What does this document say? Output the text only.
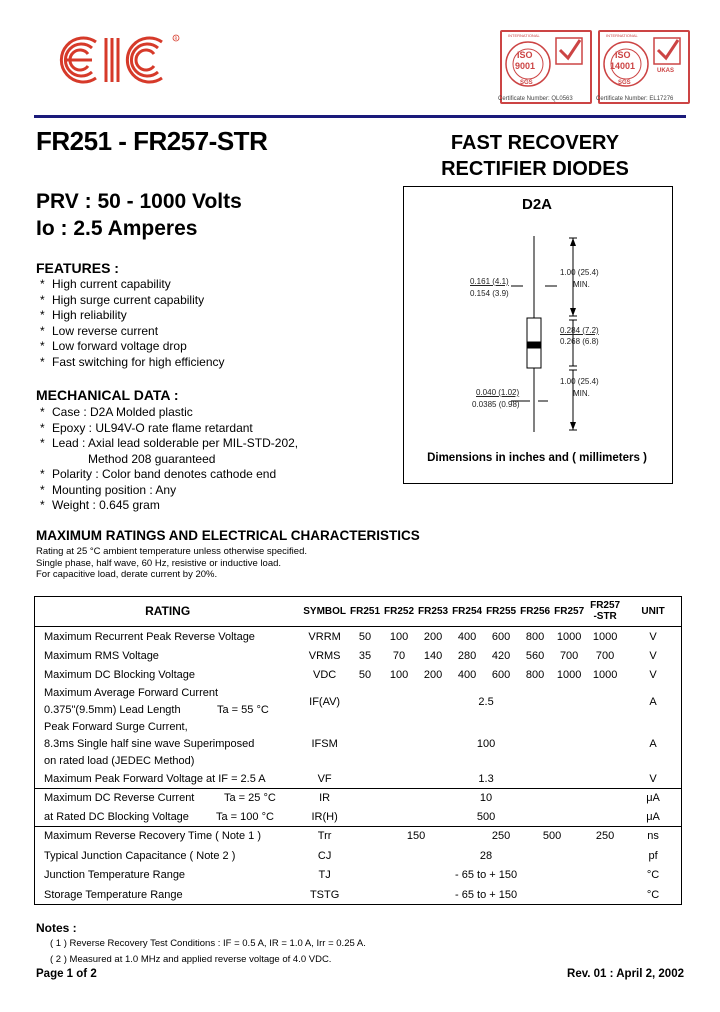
R
ISO
9001
SGS
INTERNATIONAL
Certificate Number: QL0563
ISO
14001
SGS
UKAS
INTERNATIONAL
Certificate Number: EL17276
FR251 - FR257-STR	FAST RECOVERY
RECTIFIER DIODES
PRV : 50 - 1000 Volts
Io : 2.5 Amperes
FEATURES :
* High current capability
* High surge current capability
* High reliability
* Low reverse current
* Low forward voltage drop
* Fast switching for high efficiency
MECHANICAL DATA :
* Case : D2A Molded plastic
* Epoxy : UL94V-O rate flame retardant
* Lead : Axial lead solderable per MIL-STD-202,
Method 208 guaranteed
* Polarity : Color band denotes cathode end
* Mounting position : Any
* Weight : 0.645 gram
D2A
1.00 (25.4)
MIN.
0.161 (4.1)
0.154 (3.9)
0.284 (7.2)
0.268 (6.8)
0.040 (1.02)
0.0385 (0.98)
1.00 (25.4)
MIN.
Dimensions in inches and ( millimeters )
MAXIMUM RATINGS AND ELECTRICAL CHARACTERISTICS
Rating at 25 °C ambient temperature unless otherwise specified.
Single phase, half wave, 60 Hz, resistive or inductive load.
For capacitive load, derate current by 20%.
RATING	SYMBOL	FR251	FR252	FR253	FR254	FR255	FR256	FR257	FR257 -STR	UNIT
Maximum Recurrent Peak Reverse Voltage	VRRM	50	100	200	400	600	800	1000	1000	V
Maximum RMS Voltage	VRMS	35	70	140	280	420	560	700	700	V
Maximum DC Blocking Voltage	VDC	50	100	200	400	600	800	1000	1000	V

Maximum Average Forward Current
0.375"(9.5mm) Lead Length Ta = 55 °C	IF(AV)	2.5								A

Peak Forward Surge Current,
8.3ms Single half sine wave Superimposed
on rated load (JEDEC Method)	IFSM	100								A
Maximum Peak Forward Voltage at IF = 2.5 A	VF	1.3								V
Maximum DC Reverse Current Ta = 25 °C	IR	10								μA
at Rated DC Blocking Voltage Ta = 100 °C	IR(H)	500								μA
Maximum Reverse Recovery Time ( Note 1 )	Trr	150				250	500		250	ns
Typical Junction Capacitance ( Note 2 )	CJ	28								pf
Junction Temperature Range	TJ	- 65 to + 150								°C
Storage Temperature Range	TSTG	- 65 to + 150								°C
Notes :
( 1 ) Reverse Recovery Test Conditions : IF = 0.5 A, IR = 1.0 A, Irr = 0.25 A.
( 2 ) Measured at 1.0 MHz and applied reverse voltage of 4.0 VDC.
Page 1 of 2	Rev. 01 : April 2, 2002
